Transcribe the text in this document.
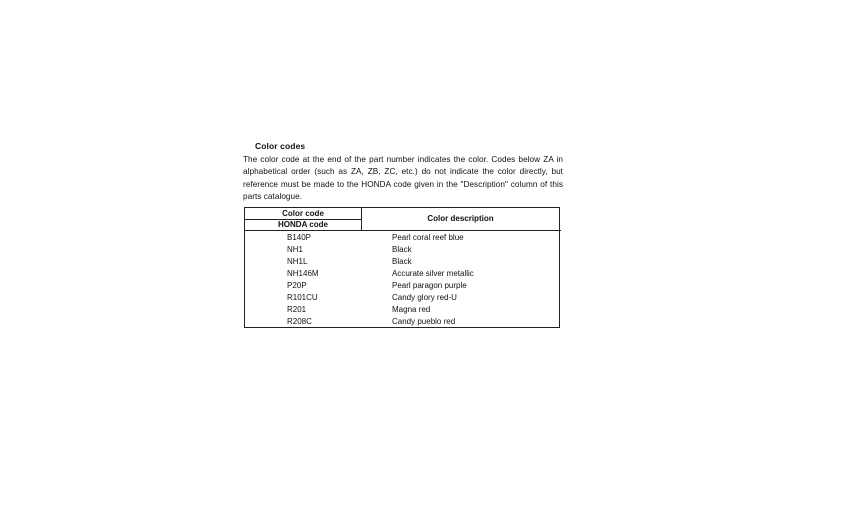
Color codes
The color code at the end of the part number indicates the color. Codes below ZA in alphabetical order (such as ZA, ZB, ZC, etc.) do not indicate the color directly, but reference must be made to the HONDA code given in the "Description" column of this parts catalogue.
Color code
HONDA code
Color description
B140P	Pearl coral reef blue
NH1	Black
NH1L	Black
NH146M	Accurate silver metallic
P20P	Pearl paragon purple
R101CU	Candy glory red-U
R201	Magna red
R208C	Candy pueblo red
